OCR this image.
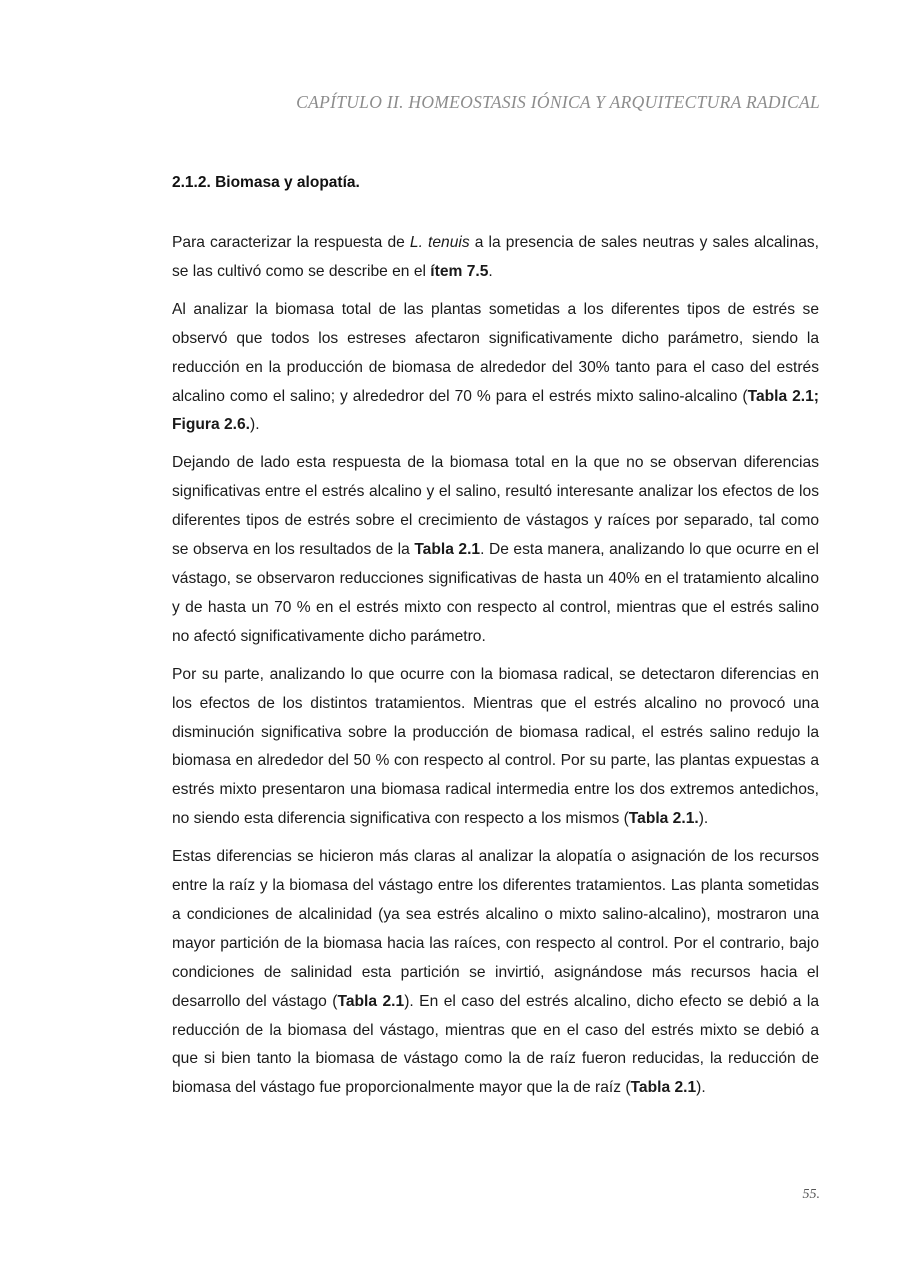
CAPÍTULO II. HOMEOSTASIS IÓNICA Y ARQUITECTURA RADICAL
2.1.2. Biomasa y alopatía.

Para caracterizar la respuesta de L. tenuis a la presencia de sales neutras y sales alcalinas, se las cultivó como se describe en el ítem 7.5.

Al analizar la biomasa total de las plantas sometidas a los diferentes tipos de estrés se observó que todos los estreses afectaron significativamente dicho parámetro, siendo la reducción en la producción de biomasa de alrededor del 30% tanto para el caso del estrés alcalino como el salino; y alrededror del 70 % para el estrés mixto salino-alcalino (Tabla 2.1; Figura 2.6.).

Dejando de lado esta respuesta de la biomasa total en la que no se observan diferencias significativas entre el estrés alcalino y el salino, resultó interesante analizar los efectos de los diferentes tipos de estrés sobre el crecimiento de vástagos y raíces por separado, tal como se observa en los resultados de la Tabla 2.1. De esta manera, analizando lo que ocurre en el vástago, se observaron reducciones significativas de hasta un 40% en el tratamiento alcalino y de hasta un 70 % en el estrés mixto con respecto al control, mientras que el estrés salino no afectó significativamente dicho parámetro.

Por su parte, analizando lo que ocurre con la biomasa radical, se detectaron diferencias en los efectos de los distintos tratamientos. Mientras que el estrés alcalino no provocó una disminución significativa sobre la producción de biomasa radical, el estrés salino redujo la biomasa en alrededor del 50 % con respecto al control. Por su parte, las plantas expuestas a estrés mixto presentaron una biomasa radical intermedia entre los dos extremos antedichos, no siendo esta diferencia significativa con respecto a los mismos (Tabla 2.1.).

Estas diferencias se hicieron más claras al analizar la alopatía o asignación de los recursos entre la raíz y la biomasa del vástago entre los diferentes tratamientos. Las planta sometidas a condiciones de alcalinidad (ya sea estrés alcalino o mixto salino-alcalino), mostraron una mayor partición de la biomasa hacia las raíces, con respecto al control. Por el contrario, bajo condiciones de salinidad esta partición se invirtió, asignándose más recursos hacia el desarrollo del vástago (Tabla 2.1). En el caso del estrés alcalino, dicho efecto se debió a la reducción de la biomasa del vástago, mientras que en el caso del estrés mixto se debió a que si bien tanto la biomasa de vástago como la de raíz fueron reducidas, la reducción de biomasa del vástago fue proporcionalmente mayor que la de raíz (Tabla 2.1).

55.
